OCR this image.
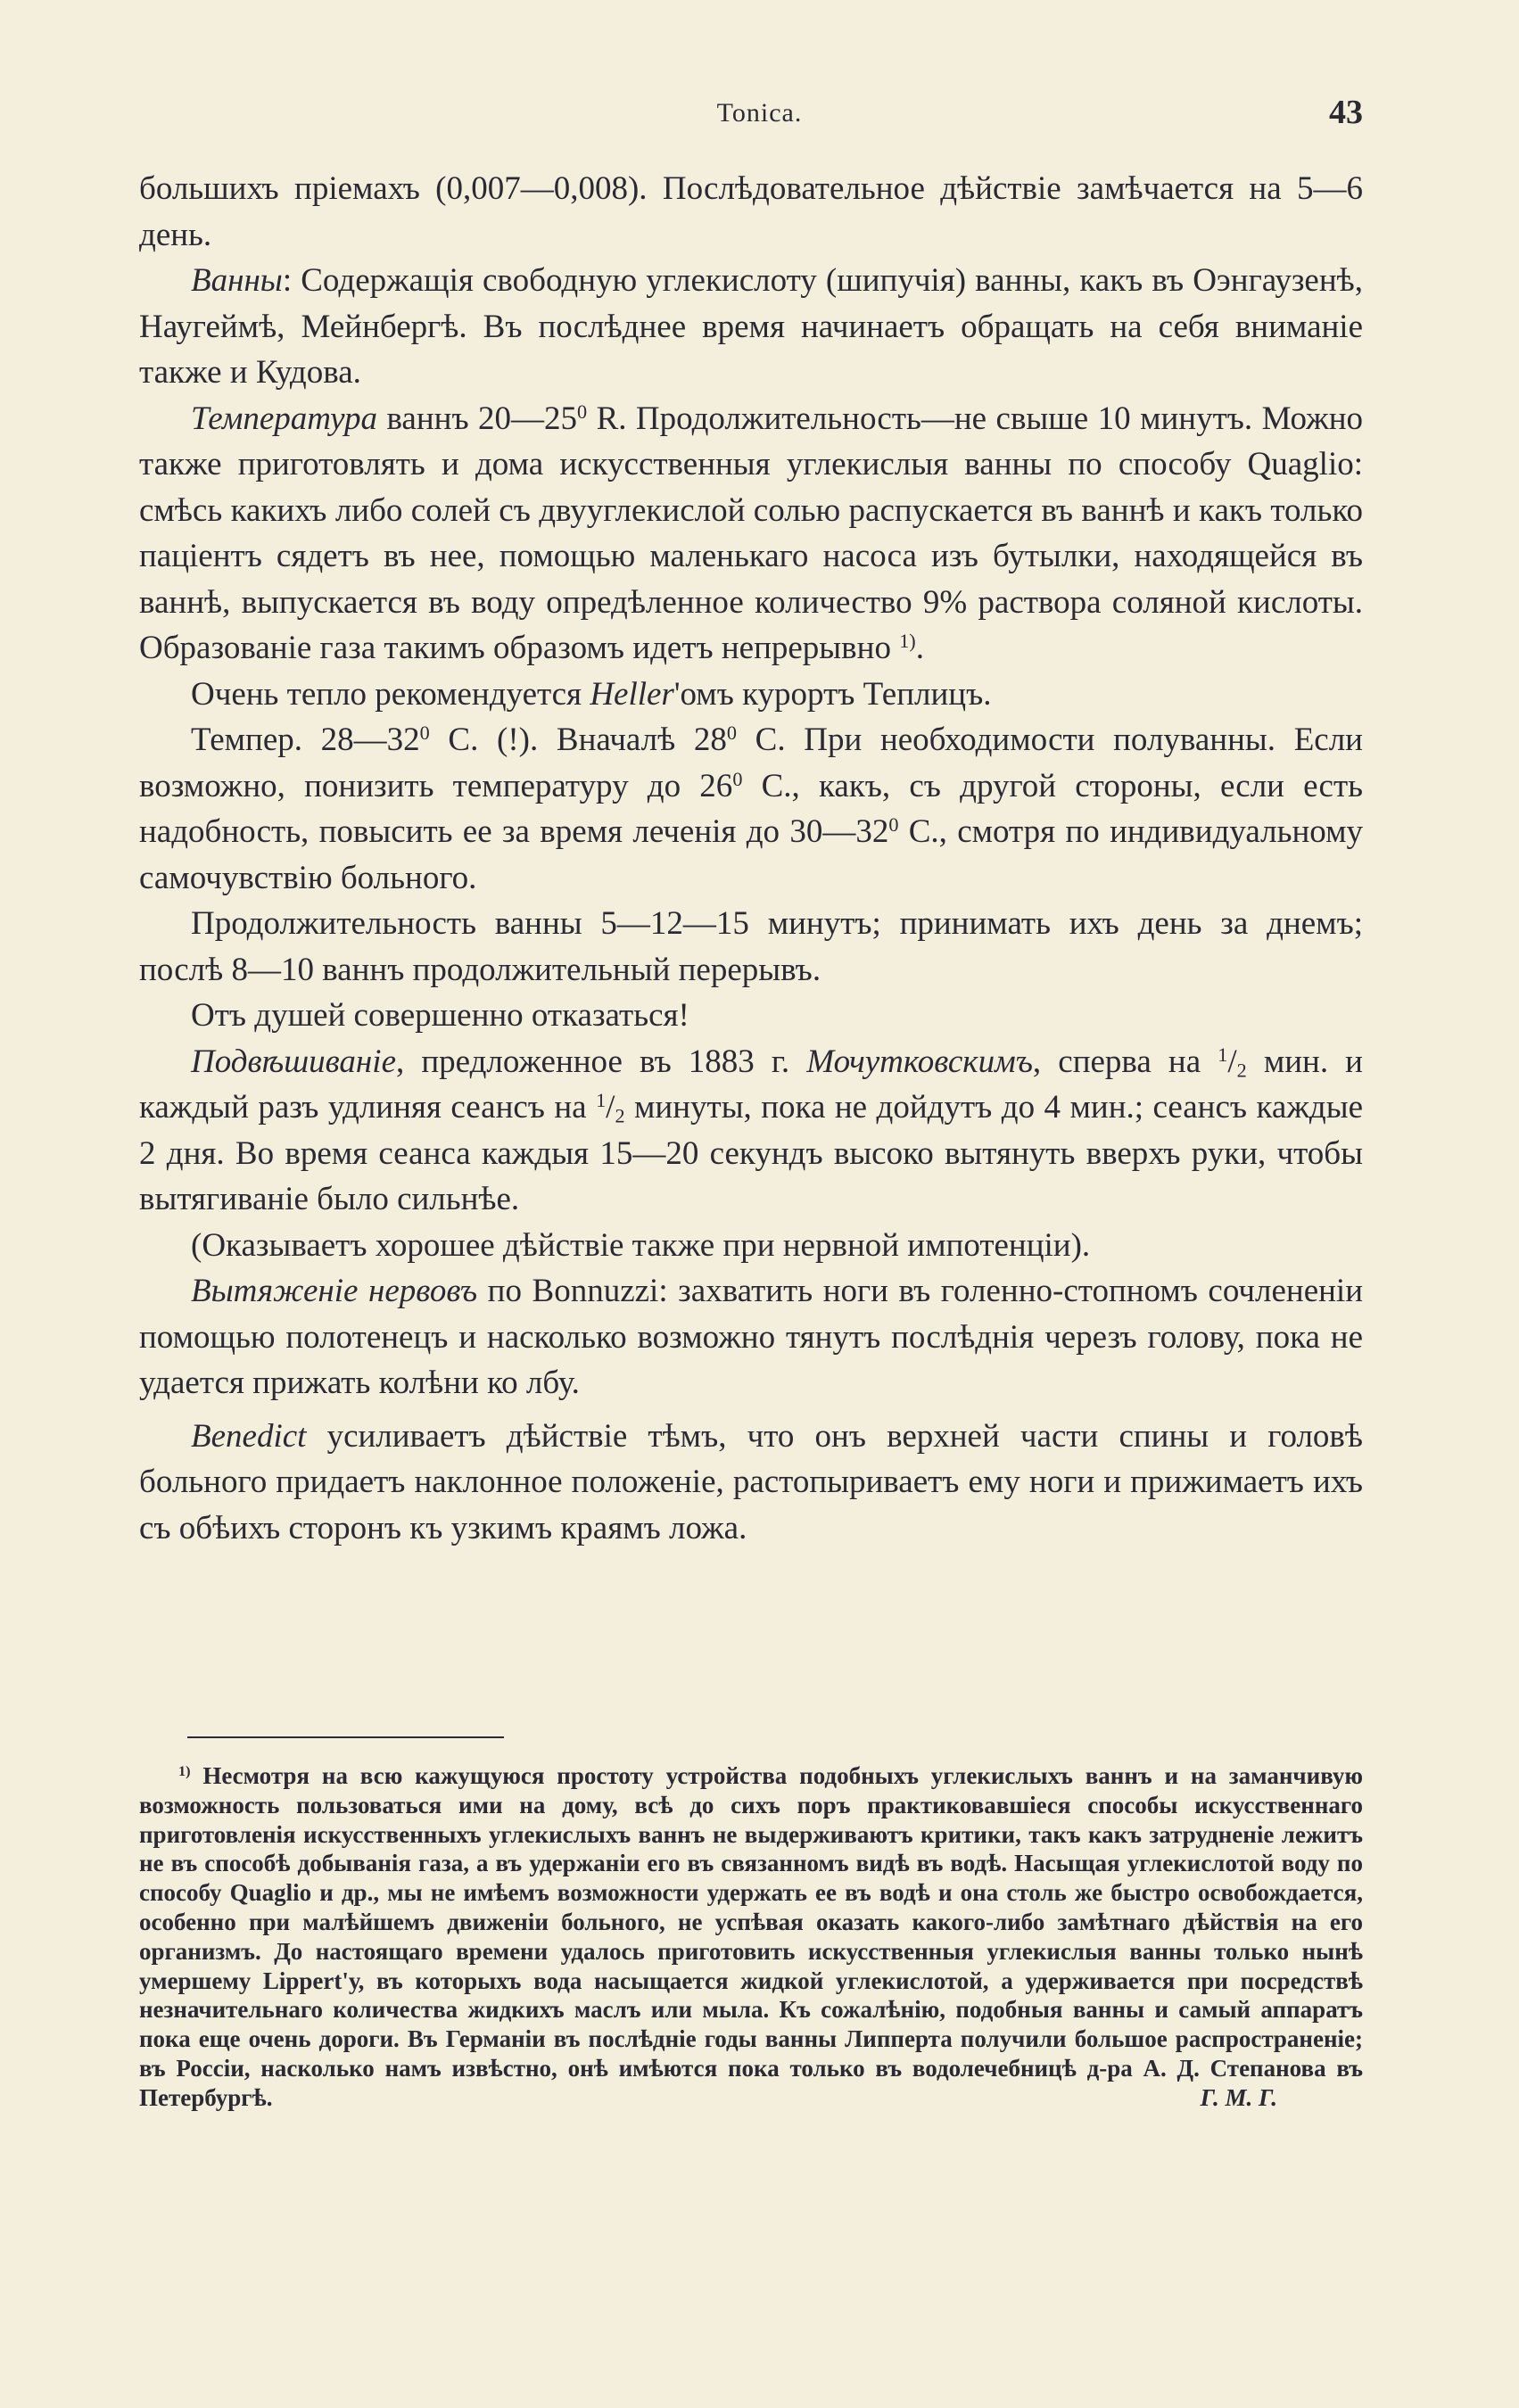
Tonica.	43

большихъ пріемахъ (0,007—0,008). Послѣдовательное дѣйствіе замѣчается на 5—6 день.

Ванны: Содержащія свободную углекислоту (шипучія) ванны, какъ въ Оэнгаузенѣ, Наугеймѣ, Мейнбергѣ. Въ послѣднее время начинаетъ обращать на себя вниманіе также и Кудова.

Температура ваннъ $20—25^0$ R. Продолжительность—не свыше 10 минутъ. Можно также приготовлять и дома искусственныя углекислыя ванны по способу Quaglio: смѣсь какихъ либо солей съ двууглекислой солью распускается въ ваннѣ и какъ только паціентъ сядетъ въ нее, помощью маленькаго насоса изъ бутылки, находящейся въ ваннѣ, выпускается въ воду опредѣленное количество 9% раствора соляной кислоты. Образованіе газа такимъ образомъ идетъ непрерывно $^{1)}$.

Очень тепло рекомендуется Heller'омъ курортъ Теплицъ.

Темпер. $28—32^0$ С. (!). Вначалѣ $28^0$ С. При необходимости полуванны. Если возможно, понизить температуру до $26^0$ С., какъ, съ другой стороны, если есть надобность, повысить ее за время леченія до $30—32^0$ С., смотря по индивидуальному самочувствію больного.

Продолжительность ванны 5—12—15 минутъ; принимать ихъ день за днемъ; послѣ 8—10 ваннъ продолжительный перерывъ.

Отъ душей совершенно отказаться!

Подвѣшиваніе, предложенное въ 1883 г. Мочутковскимъ, сперва на $^1/_2$ мин. и каждый разъ удлиняя сеансъ на $^1/_2$ минуты, пока не дойдутъ до 4 мин.; сеансъ каждые 2 дня. Во время сеанса каждыя 15—20 секундъ высоко вытянуть вверхъ руки, чтобы вытягиваніе было сильнѣе.

(Оказываетъ хорошее дѣйствіе также при нервной импотенціи).

Вытяженіе нервовъ по Bonnuzzi: захватить ноги въ голенно-стопномъ сочлененіи помощью полотенецъ и насколько возможно тянутъ послѣднія черезъ голову, пока не удается прижать колѣни ко лбу.

Benedict усиливаетъ дѣйствіе тѣмъ, что онъ верхней части спины и головѣ больного придаетъ наклонное положеніе, растопыриваетъ ему ноги и прижимаетъ ихъ съ обѣихъ сторонъ къ узкимъ краямъ ложа.

$^{1)}$ Несмотря на всю кажущуюся простоту устройства подобныхъ углекислыхъ ваннъ и на заманчивую возможность пользоваться ими на дому, всѣ до сихъ поръ практиковавшіеся способы искусственнаго приготовленія искусственныхъ углекислыхъ ваннъ не выдерживаютъ критики, такъ какъ затрудненіе лежитъ не въ способѣ добыванія газа, а въ удержаніи его въ связанномъ видѣ въ водѣ. Насыщая углекислотой воду по способу Quaglio и др., мы не имѣемъ возможности удержать ее въ водѣ и она столь же быстро освобождается, особенно при малѣйшемъ движеніи больного, не успѣвая оказать какого-либо замѣтнаго дѣйствія на его организмъ. До настоящаго времени удалось приготовить искусственныя углекислыя ванны только нынѣ умершему Lippert'у, въ которыхъ вода насыщается жидкой углекислотой, а удерживается при посредствѣ незначительнаго количества жидкихъ маслъ или мыла. Къ сожалѣнію, подобныя ванны и самый аппаратъ пока еще очень дороги. Въ Германіи въ послѣдніе годы ванны Липперта получили большое распространеніе; въ Россіи, насколько намъ извѣстно, онѣ имѣются пока только въ водолечебницѣ д-ра А. Д. Степанова въ Петербургѣ.	Г. М. Г.
